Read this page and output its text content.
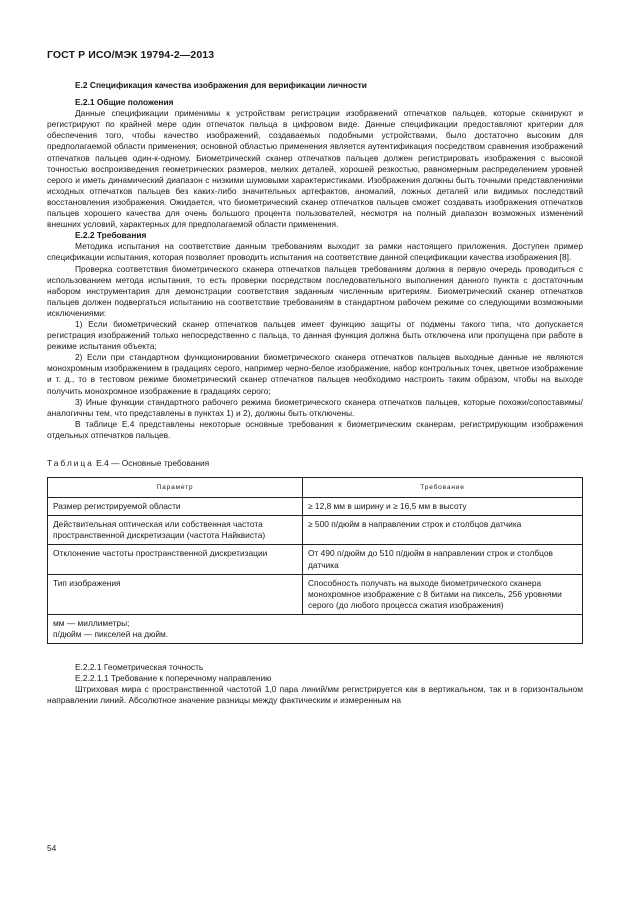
ГОСТ Р ИСО/МЭК 19794-2—2013

Е.2 Спецификация качества изображения для верификации личности

Е.2.1 Общие положения

Данные спецификации применимы к устройствам регистрации изображений отпечатков пальцев, которые сканируют и регистрируют по крайней мере один отпечаток пальца в цифровом виде. Данные спецификации предоставляют критерии для обеспечения того, чтобы качество изображений, создаваемых подобными устройствами, было достаточно высоким для предполагаемой области применения; основной областью применения является аутентификация посредством сравнения изображений отпечатков пальцев один-к-одному. Биометрический сканер отпечатков пальцев должен регистрировать изображения с высокой точностью воспроизведения геометрических размеров, мелких деталей, хорошей резкостью, равномерным распределением уровней серого и иметь динамический диапазон с низкими шумовыми характеристиками. Изображения должны быть точными представлениями исходных отпечатков пальцев без каких-либо значительных артефактов, аномалий, ложных деталей или видимых последствий восстановления изображения. Ожидается, что биометрический сканер отпечатков пальцев сможет создавать изображения отпечатков пальцев хорошего качества для очень большого процента пользователей, несмотря на полный диапазон возможных изменений внешних условий, характерных для предполагаемой области применения.

Е.2.2 Требования

Методика испытания на соответствие данным требованиям выходит за рамки настоящего приложения. Доступен пример спецификации испытания, которая позволяет проводить испытания на соответствие данной спецификации качества изображения [8].

Проверка соответствия биометрического сканера отпечатков пальцев требованиям должна в первую очередь проводиться с использованием метода испытания, то есть проверки посредством последовательного выполнения данного пункта с достаточным набором инструментария для демонстрации соответствия заданным численным критериям. Биометрический сканер отпечатков пальцев должен подвергаться испытанию на соответствие требованиям в стандартном рабочем режиме со следующими возможными исключениями:

1) Если биометрический сканер отпечатков пальцев имеет функцию защиты от подмены такого типа, что допускается регистрация изображений только непосредственно с пальца, то данная функция должна быть отключена или пропущена при работе в режиме испытания объекта;

2) Если при стандартном функционировании биометрического сканера отпечатков пальцев выходные данные не являются монохромным изображением в градациях серого, например черно-белое изображение, набор контрольных точек, цветное изображение и т. д., то в тестовом режиме биометрический сканер отпечатков пальцев необходимо настроить таким образом, чтобы на выходе получить монохромное изображение в градациях серого;

3) Иные функции стандартного рабочего режима биометрического сканера отпечатков пальцев, которые похожи/сопоставимы/аналогичны тем, что представлены в пунктах 1) и 2), должны быть отключены.

В таблице Е.4 представлены некоторые основные требования к биометрическим сканерам, регистрирующим изображения отдельных отпечатков пальцев.

Таблица Е.4 — Основные требования

Параметр	Требование
Размер регистрируемой области	≥ 12,8 мм в ширину и ≥ 16,5 мм в высоту
Действительная оптическая или собственная частота пространственной дискретизации (частота Найквиста)	≥ 500 п/дюйм в направлении строк и столбцов датчика
Отклонение частоты пространственной дискретизации	От 490 п/дюйм до 510 п/дюйм в направлении строк и столбцов датчика
Тип изображения	Способность получать на выходе биометрического сканера монохромное изображение с 8 битами на пиксель, 256 уровнями серого (до любого процесса сжатия изображения)

мм — миллиметры;
п/дюйм — пикселей на дюйм.	

Е.2.2.1 Геометрическая точность

Е.2.2.1.1 Требование к поперечному направлению

Штриховая мира с пространственной частотой 1,0 пара линий/мм регистрируется как в вертикальном, так и в горизонтальном направлении линий. Абсолютное значение разницы между фактическим и измеренным на

54
